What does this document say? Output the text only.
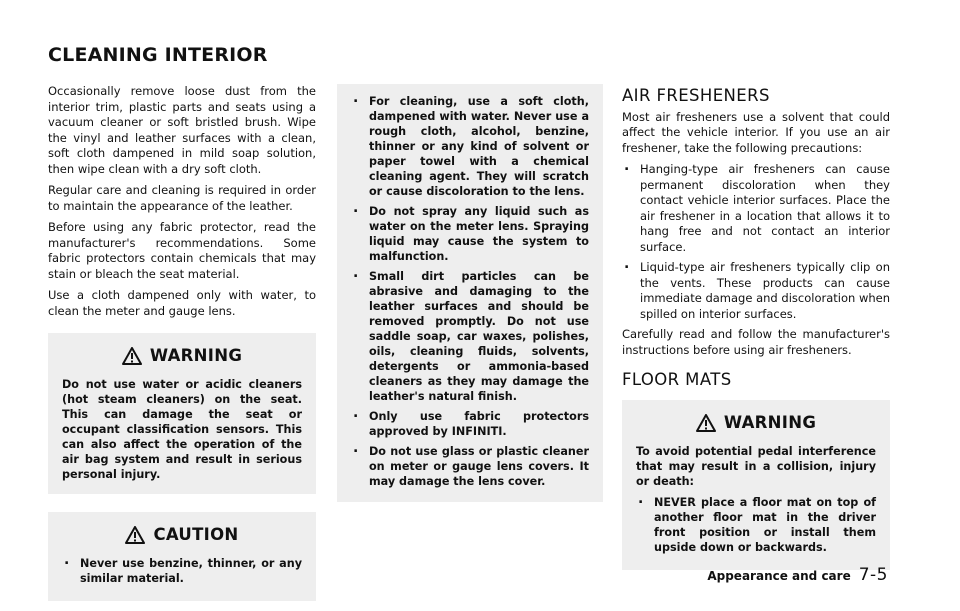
CLEANING INTERIOR

Occasionally remove loose dust from the interior trim, plastic parts and seats using a vacuum cleaner or soft bristled brush. Wipe the vinyl and leather surfaces with a clean, soft cloth dampened in mild soap solution, then wipe clean with a dry soft cloth.

Regular care and cleaning is required in order to maintain the appearance of the leather.

Before using any fabric protector, read the manufacturer's recommendations. Some fabric protectors contain chemicals that may stain or bleach the seat material.

Use a cloth dampened only with water, to clean the meter and gauge lens.

WARNING
Do not use water or acidic cleaners (hot steam cleaners) on the seat. This can damage the seat or occupant classification sensors. This can also affect the operation of the air bag system and result in serious personal injury.
CAUTION
. Never use benzine, thinner, or any similar material.
. For cleaning, use a soft cloth, dampened with water. Never use a rough cloth, alcohol, benzine, thinner or any kind of solvent or paper towel with a chemical cleaning agent. They will scratch or cause discoloration to the lens.
. Do not spray any liquid such as water on the meter lens. Spraying liquid may cause the system to malfunction.
. Small dirt particles can be abrasive and damaging to the leather surfaces and should be removed promptly. Do not use saddle soap, car waxes, polishes, oils, cleaning fluids, solvents, detergents or ammonia-based cleaners as they may damage the leather's natural finish.
. Only use fabric protectors approved by INFINITI.
. Do not use glass or plastic cleaner on meter or gauge lens covers. It may damage the lens cover.
AIR FRESHENERS

Most air fresheners use a solvent that could affect the vehicle interior. If you use an air freshener, take the following precautions:

. Hanging-type air fresheners can cause permanent discoloration when they contact vehicle interior surfaces. Place the air freshener in a location that allows it to hang free and not contact an interior surface.
. Liquid-type air fresheners typically clip on the vents. These products can cause immediate damage and discoloration when spilled on interior surfaces.

Carefully read and follow the manufacturer's instructions before using air fresheners.

FLOOR MATS
WARNING

To avoid potential pedal interference that may result in a collision, injury or death:

. NEVER place a floor mat on top of another floor mat in the driver front position or install them upside down or backwards.
Appearance and care 7-5
